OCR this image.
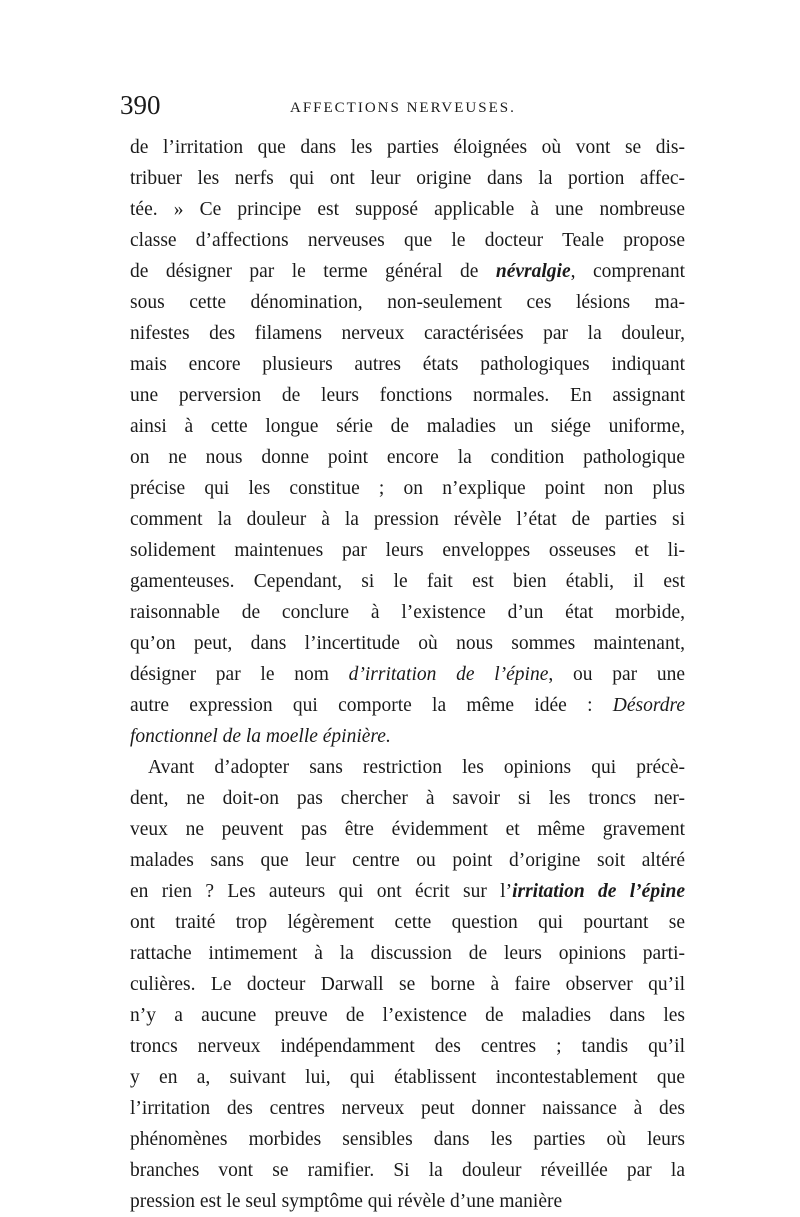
390	AFFECTIONS NERVEUSES.
de l’irritation que dans les parties éloignées où vont se dis-
tribuer les nerfs qui ont leur origine dans la portion affec-
tée. » Ce principe est supposé applicable à une nombreuse
classe d’affections nerveuses que le docteur Teale propose
de désigner par le terme général de névralgie, comprenant
sous cette dénomination, non-seulement ces lésions ma-
nifestes des filamens nerveux caractérisées par la douleur,
mais encore plusieurs autres états pathologiques indiquant
une perversion de leurs fonctions normales. En assignant
ainsi à cette longue série de maladies un siége uniforme,
on ne nous donne point encore la condition pathologique
précise qui les constitue ; on n’explique point non plus
comment la douleur à la pression révèle l’état de parties si
solidement maintenues par leurs enveloppes osseuses et li-
gamenteuses. Cependant, si le fait est bien établi, il est
raisonnable de conclure à l’existence d’un état morbide,
qu’on peut, dans l’incertitude où nous sommes maintenant,
désigner par le nom d’irritation de l’épine, ou par une
autre expression qui comporte la même idée : Désordre
fonctionnel de la moelle épinière.
Avant d’adopter sans restriction les opinions qui précè-
dent, ne doit-on pas chercher à savoir si les troncs ner-
veux ne peuvent pas être évidemment et même gravement
malades sans que leur centre ou point d’origine soit altéré
en rien ? Les auteurs qui ont écrit sur l’irritation de l’épine
ont traité trop légèrement cette question qui pourtant se
rattache intimement à la discussion de leurs opinions parti-
culières. Le docteur Darwall se borne à faire observer qu’il
n’y a aucune preuve de l’existence de maladies dans les
troncs nerveux indépendamment des centres ; tandis qu’il
y en a, suivant lui, qui établissent incontestablement que
l’irritation des centres nerveux peut donner naissance à des
phénomènes morbides sensibles dans les parties où leurs
branches vont se ramifier. Si la douleur réveillée par la
pression est le seul symptôme qui révèle d’une manière
